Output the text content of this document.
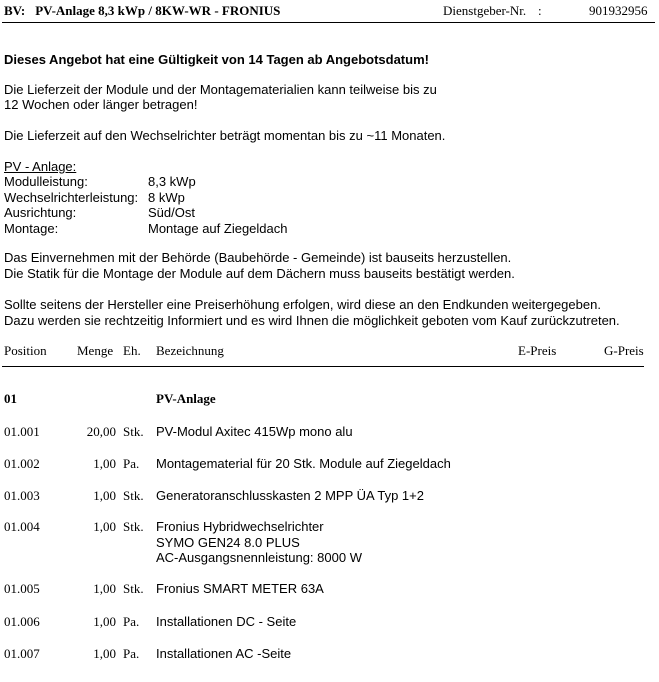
BV: PV-Anlage 8,3 kWp / 8KW-WR - FRONIUS	Dienstgeber-Nr. :	901932956
Dieses Angebot hat eine Gültigkeit von 14 Tagen ab Angebotsdatum!
Die Lieferzeit der Module und der Montagematerialien kann teilweise bis zu
12 Wochen oder länger betragen!
Die Lieferzeit auf den Wechselrichter beträgt momentan bis zu ~11 Monaten.
PV - Anlage:
Modulleistung:	8,3 kWp
Wechselrichterleistung: 8 kWp
Ausrichtung:	Süd/Ost
Montage:	Montage auf Ziegeldach
Das Einvernehmen mit der Behörde (Baubehörde - Gemeinde) ist bauseits herzustellen.
Die Statik für die Montage der Module auf dem Dächern muss bauseits bestätigt werden.
Sollte seitens der Hersteller eine Preiserhöhung erfolgen, wird diese an den Endkunden weitergegeben.
Dazu werden sie rechtzeitig Informiert und es wird Ihnen die möglichkeit geboten vom Kauf zurückzutreten.
Position Menge Eh. Bezeichnung	E-Preis	G-Preis
01	PV-Anlage
01.001	20,00 Stk. PV-Modul Axitec 415Wp mono alu
01.002	1,00 Pa. Montagematerial für 20 Stk. Module auf Ziegeldach
01.003	1,00 Stk. Generatoranschlusskasten 2 MPP ÜA Typ 1+2
01.004	1,00 Stk. Fronius Hybridwechselrichter
SYMO GEN24 8.0 PLUS
AC-Ausgangsnennleistung: 8000 W
01.005	1,00 Stk. Fronius SMART METER 63A
01.006	1,00 Pa. Installationen DC - Seite
01.007	1,00 Pa. Installationen AC -Seite
